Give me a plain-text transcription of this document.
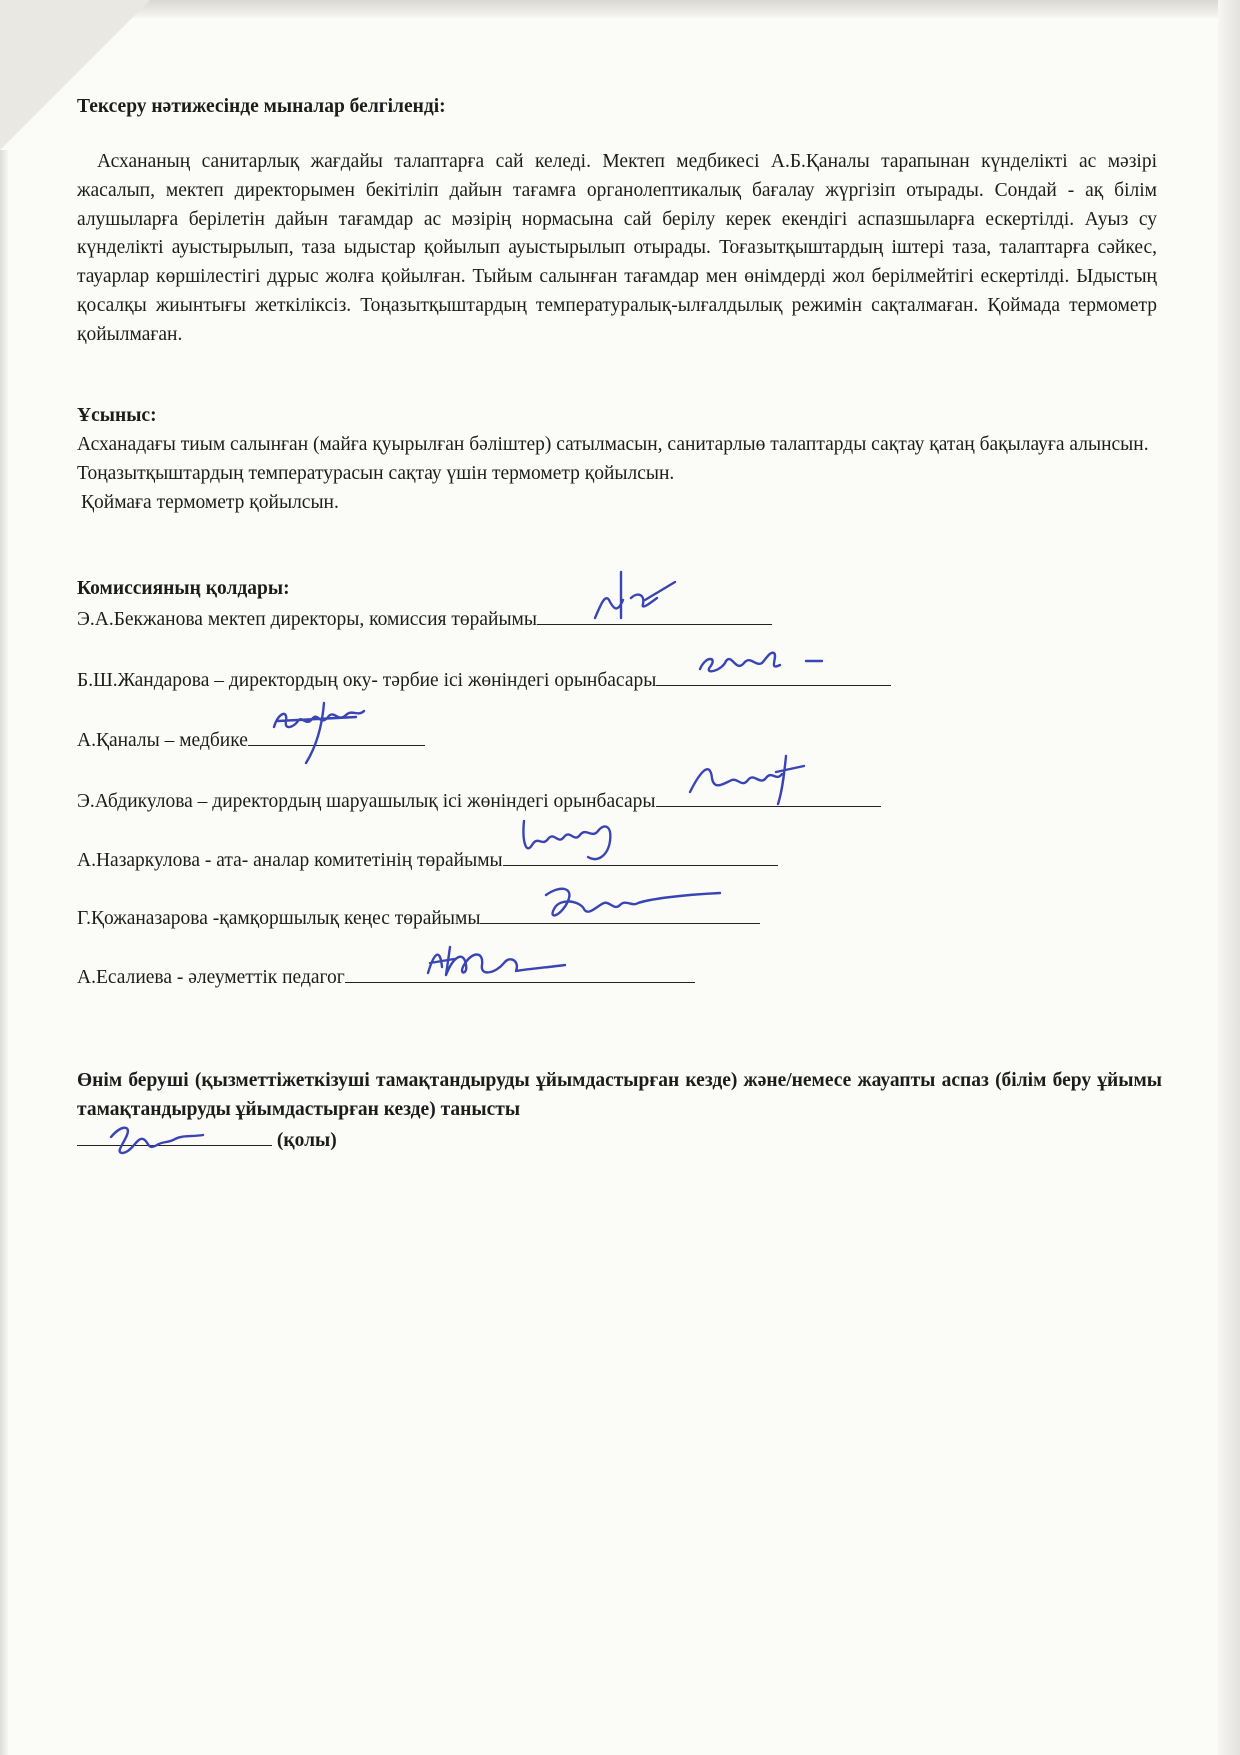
Тексеру нәтижесінде мыналар белгіленді:
Асхананың санитарлық жағдайы талаптарға сай келеді. Мектеп медбикесі А.Б.Қаналы тарапынан күнделікті ас мәзірі жасалып, мектеп директорымен бекітіліп дайын тағамға органолептикалық бағалау жүргізіп отырады. Сондай - ақ білім алушыларға берілетін дайын тағамдар ас мәзірің нормасына сай берілу керек екендігі аспазшыларға ескертілді. Ауыз су күнделікті ауыстырылып, таза ыдыстар қойылып ауыстырылып отырады. Тоғазытқыштардың іштері таза, талаптарға сәйкес, тауарлар көршілестігі дұрыс жолға қойылған. Тыйым салынған тағамдар мен өнімдерді жол берілмейтігі ескертілді. Ыдыстың қосалқы жиынтығы жеткіліксіз. Тоңазытқыштардың температуралық-ылғалдылық режимін сақталмаған. Қоймада термометр қойылмаған.
Ұсыныс:

Асханадағы тиым салынған (майға қуырылған бәліштер) сатылмасын, санитарлыө талаптарды сақтау қатаң бақылауға алынсын.

Тоңазытқыштардың температурасын сақтау үшін термометр қойылсын.

Қоймаға термометр қойылсын.

Комиссияның қолдары:
Э.А.Бекжанова мектеп директоры, комиссия төрайымы
Б.Ш.Жандарова – директордың оку- тәрбие ісі жөніндегі орынбасары
А.Қаналы – медбике
Э.Абдикулова – директордың шаруашылық ісі жөніндегі орынбасары
А.Назаркулова - ата- аналар комитетінің төрайымы
Г.Қожаназарова -қамқоршылық кеңес төрайымы
А.Есалиева - әлеуметтік педагог
Өнім беруші (қызметтіжеткізуші тамақтандыруды ұйымдастырған кезде) және/немесе жауапты аспаз (білім беру ұйымы тамақтандыруды ұйымдастырған кезде) танысты

(қолы)
